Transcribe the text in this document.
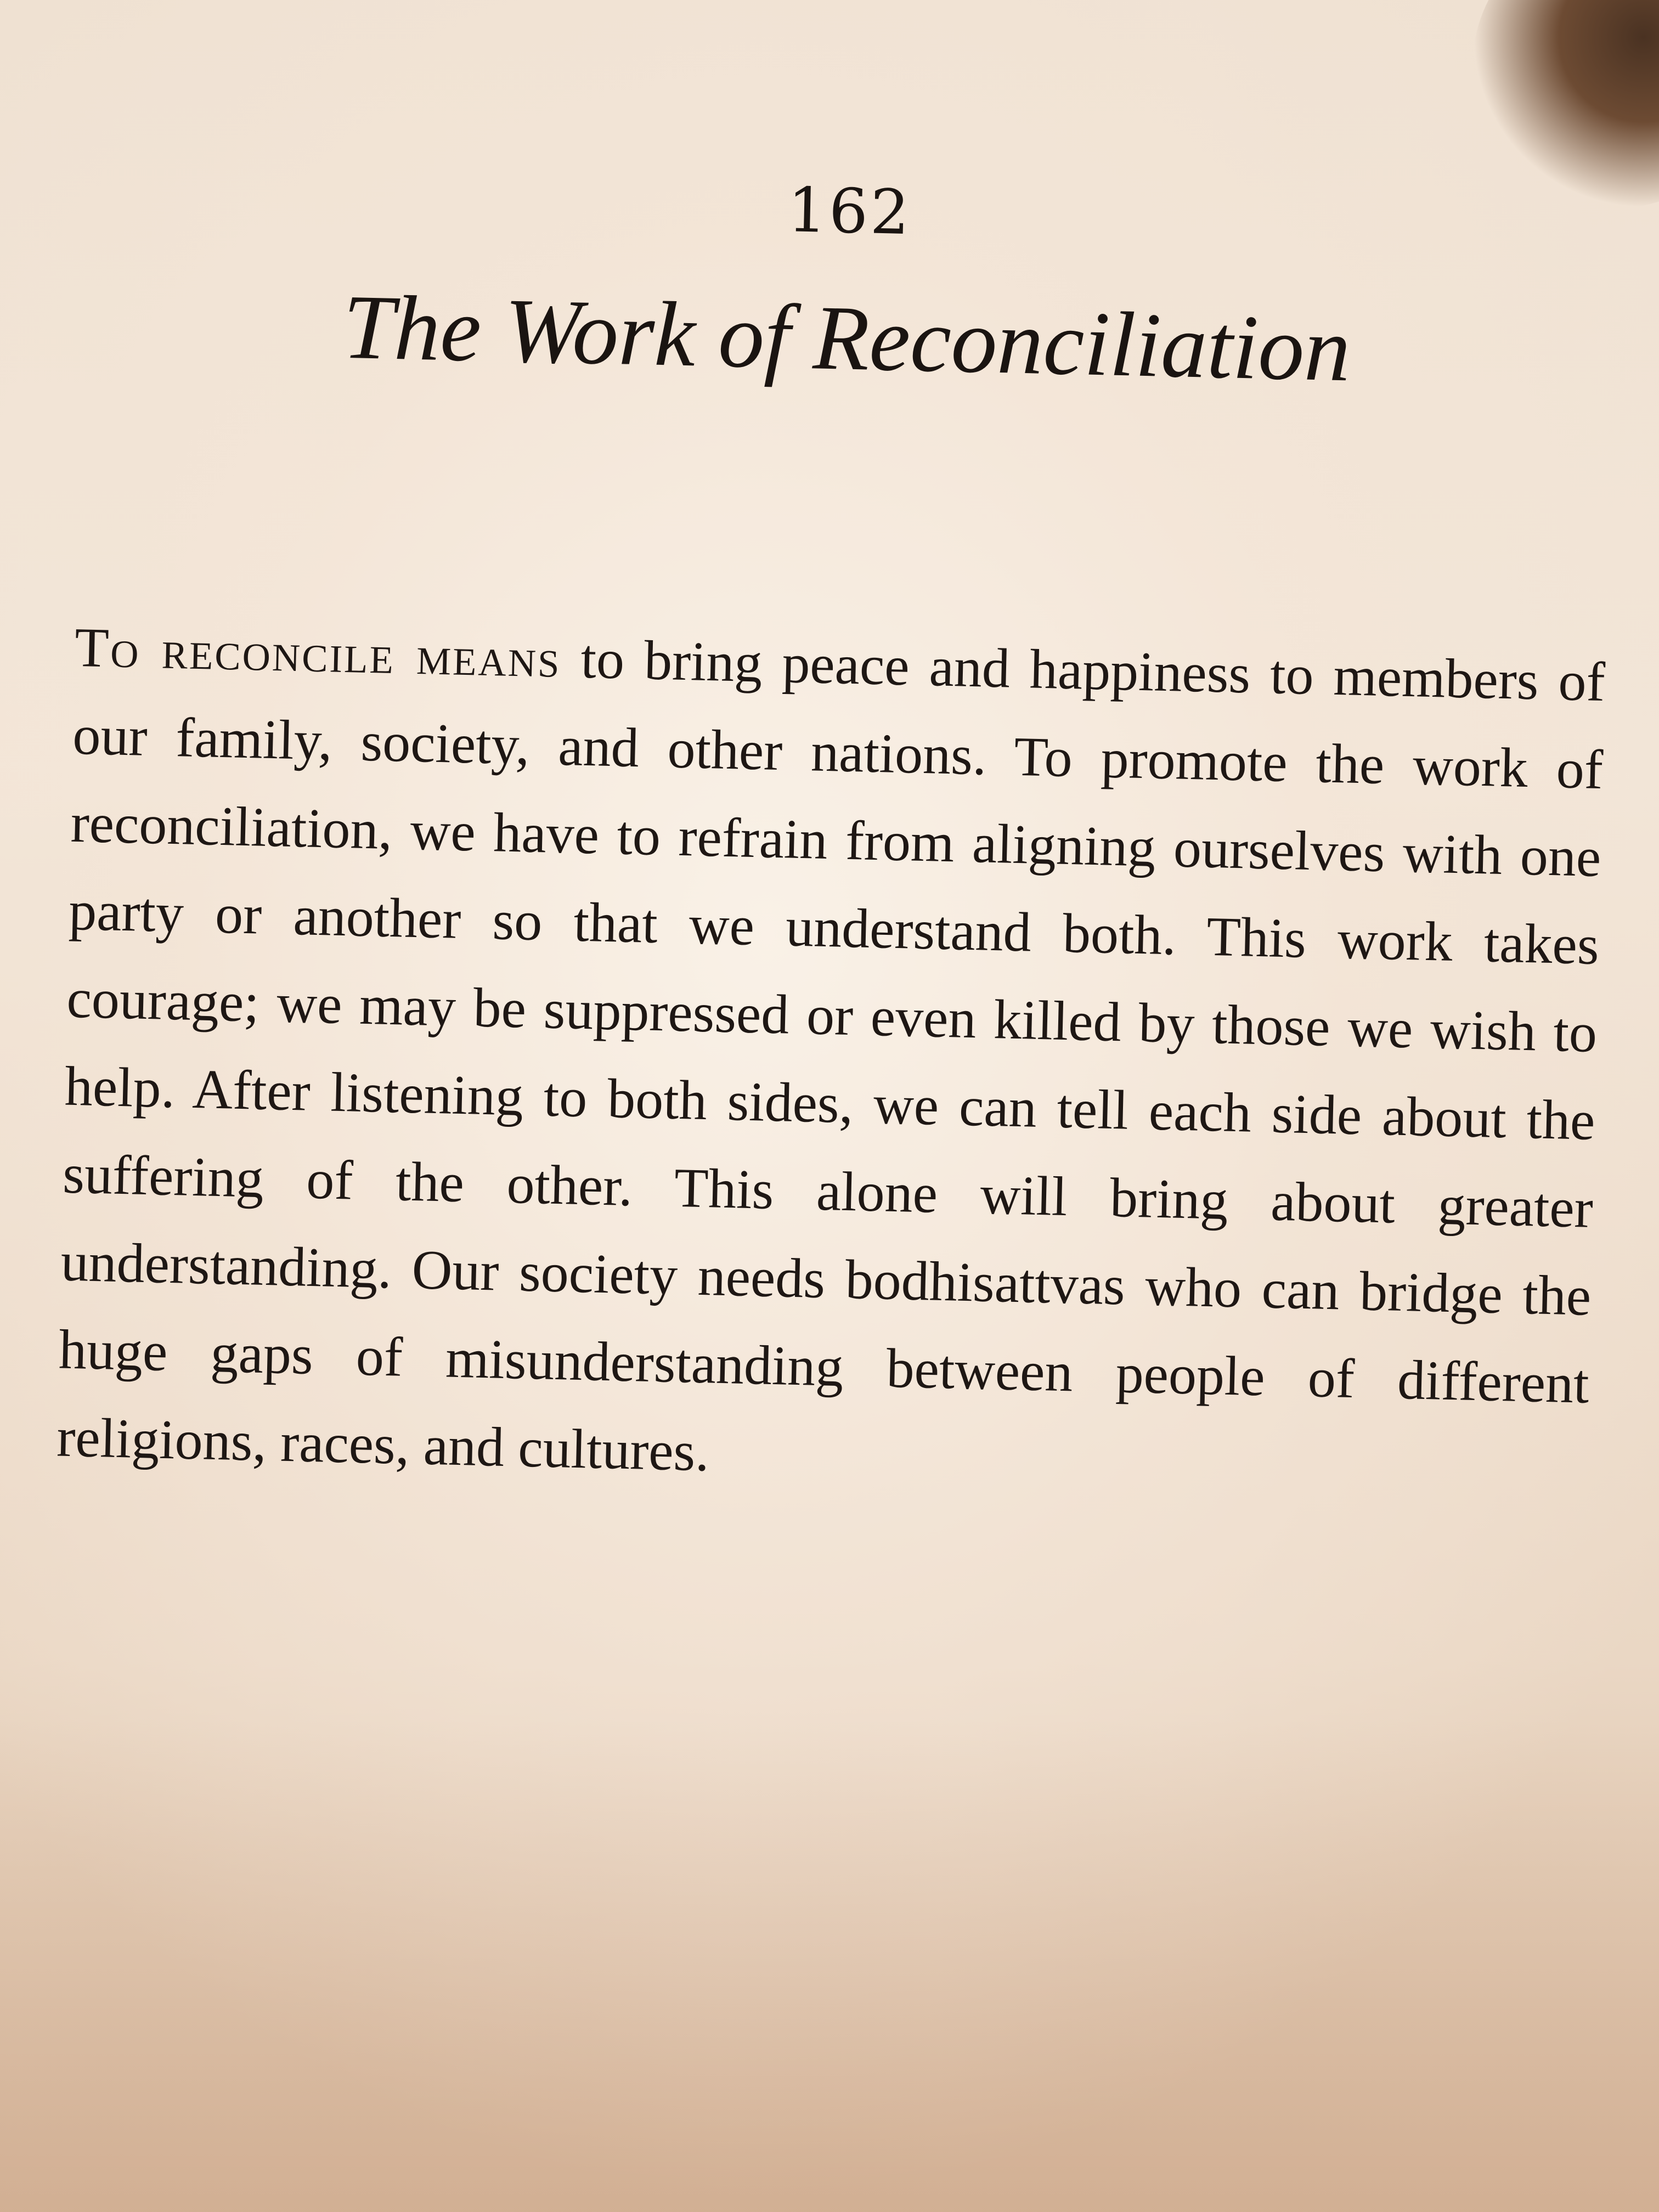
162
The Work of Reconciliation

To reconcile means to bring peace and happiness to members of our family, society, and other nations. To promote the work of reconciliation, we have to refrain from aligning ourselves with one party or another so that we understand both. This work takes courage; we may be suppressed or even killed by those we wish to help. After listening to both sides, we can tell each side about the suffering of the other. This alone will bring about greater understanding. Our society needs bodhisattvas who can bridge the huge gaps of misunderstanding between people of different religions, races, and cultures.
